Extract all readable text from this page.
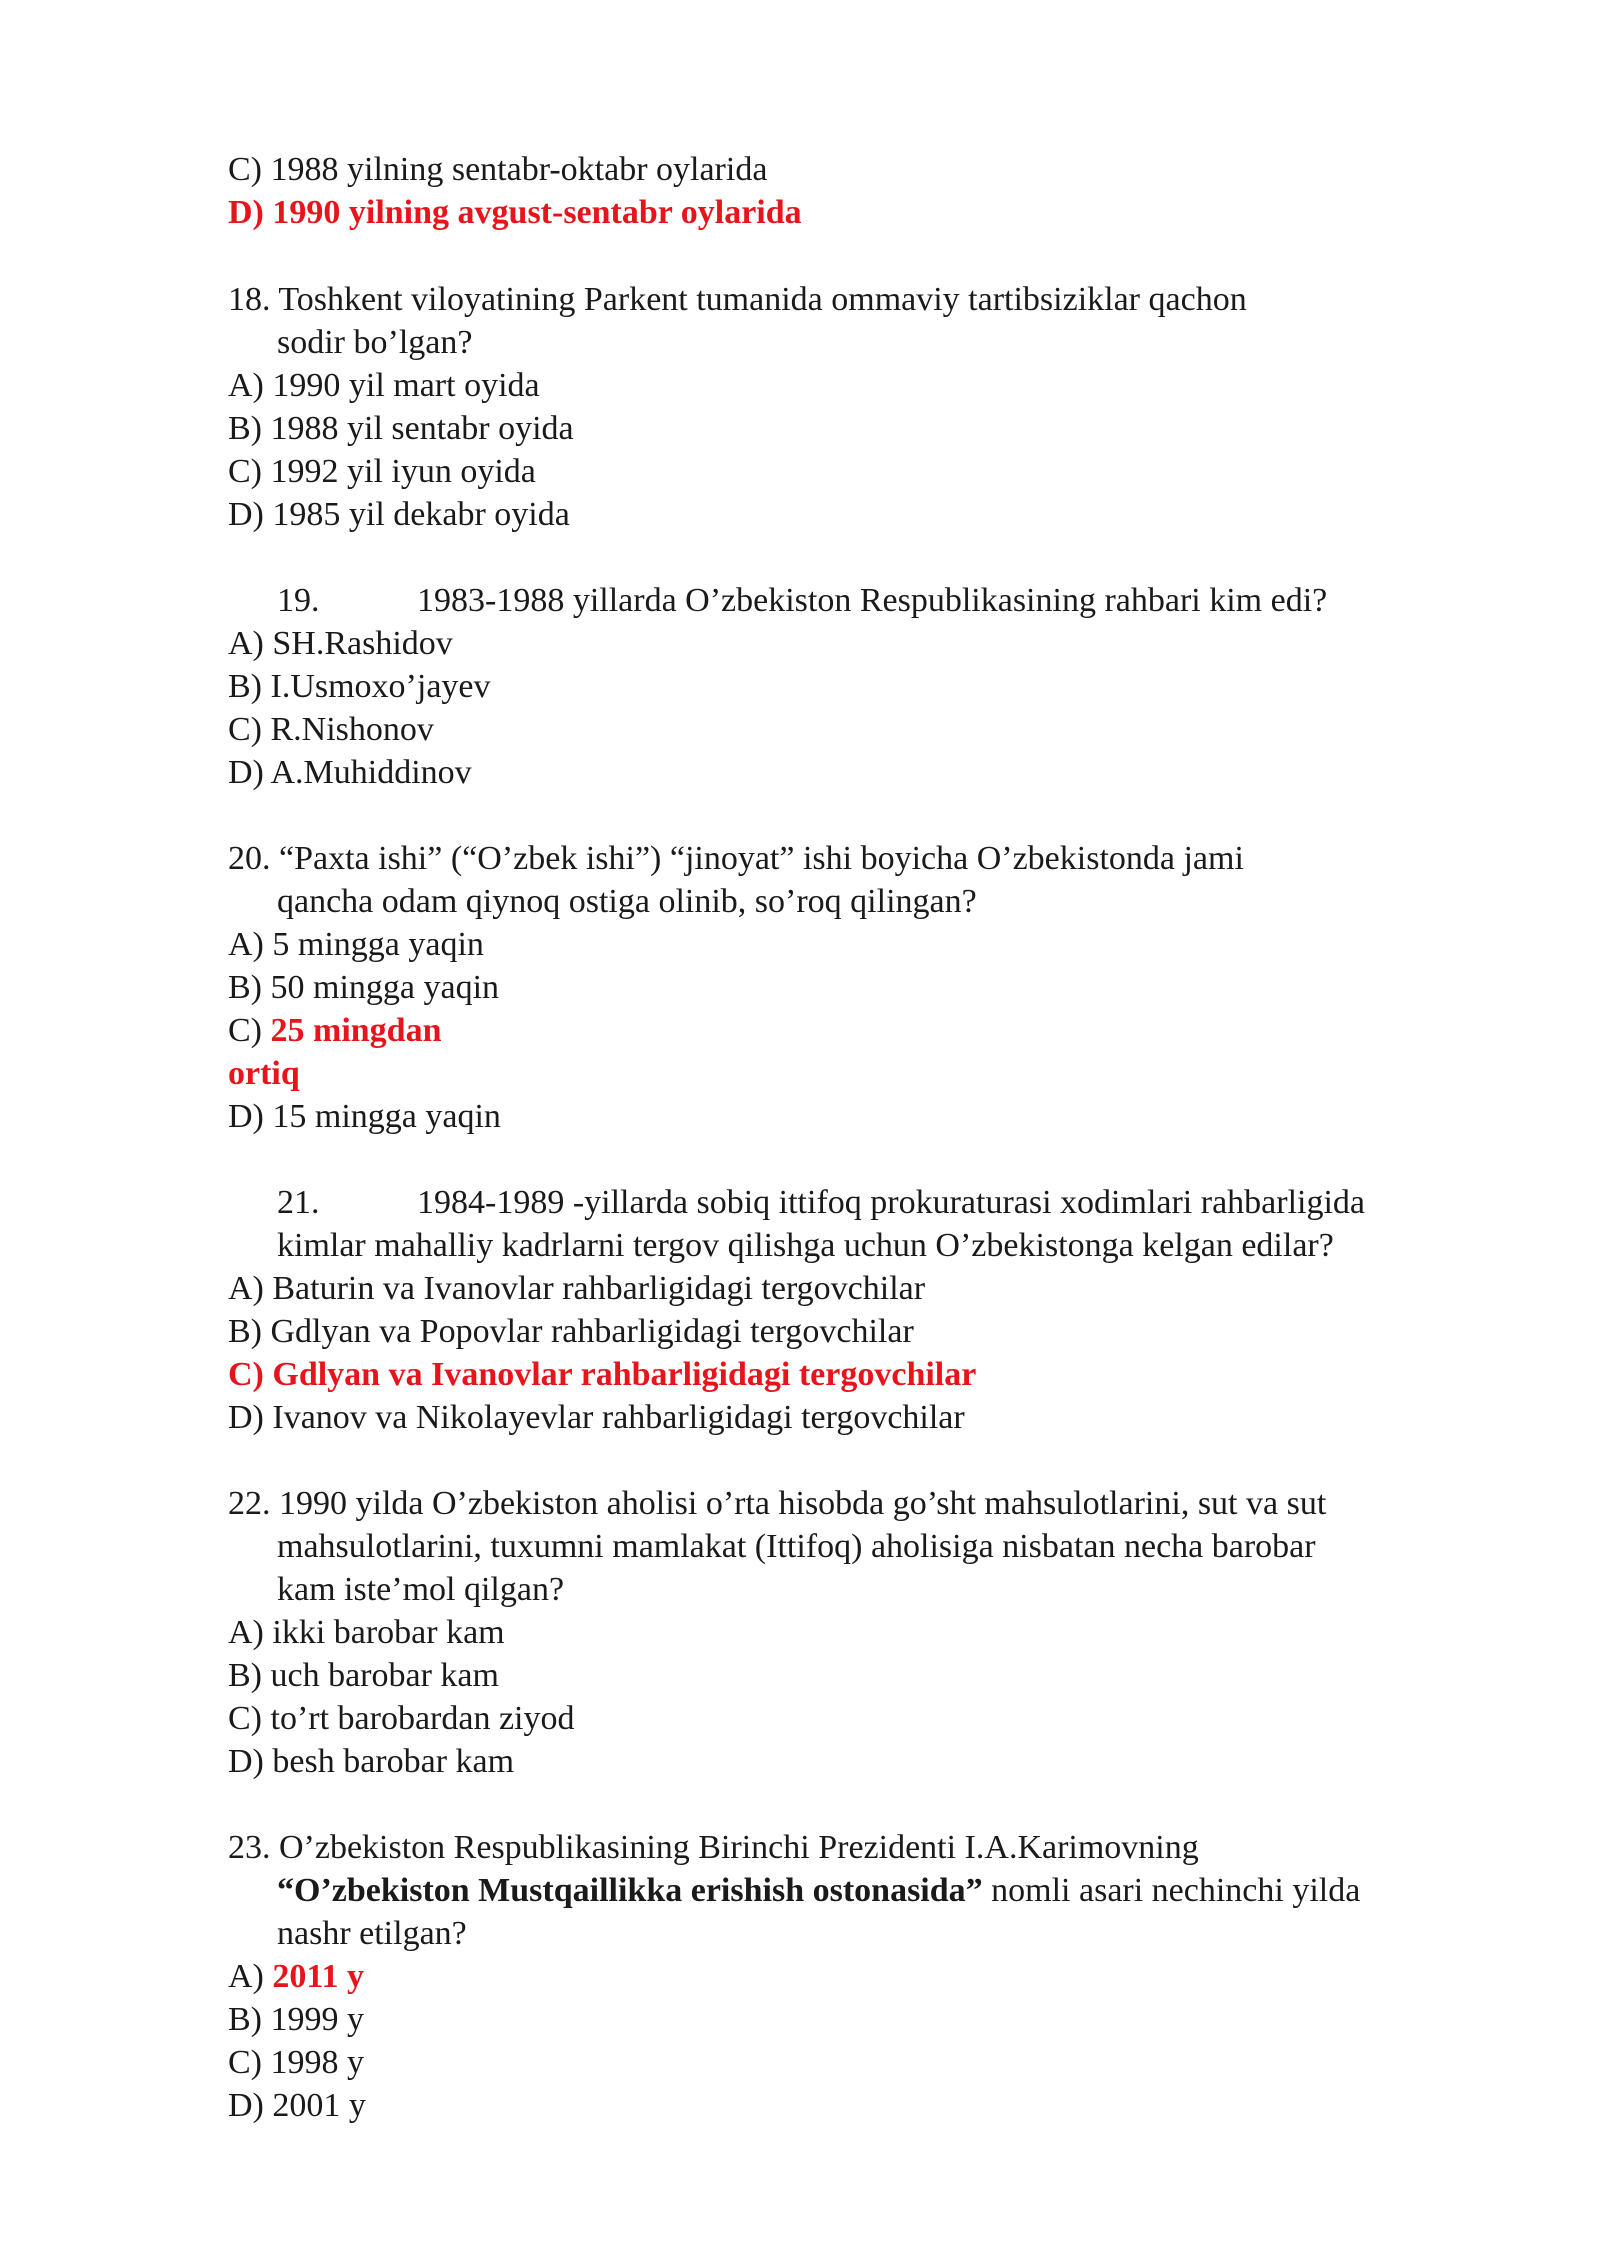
C) 1988 yilning sentabr-oktabr oylarida
D) 1990 yilning avgust-sentabr oylarida
18. Toshkent viloyatining Parkent tumanida ommaviy tartibsiziklar qachon
sodir bo’lgan?
A) 1990 yil mart oyida
B) 1988 yil sentabr oyida
C) 1992 yil iyun oyida
D) 1985 yil dekabr oyida
19.	1983-1988 yillarda O’zbekiston Respublikasining rahbari kim edi?
A) SH.Rashidov
B) I.Usmoxo’jayev
C) R.Nishonov
D) A.Muhiddinov
20. “Paxta ishi” (“O’zbek ishi”) “jinoyat” ishi boyicha O’zbekistonda jami
qancha odam qiynoq ostiga olinib, so’roq qilingan?
A) 5 mingga yaqin
B) 50 mingga yaqin
C) 25 mingdan
ortiq
D) 15 mingga yaqin
21.	1984-1989 -yillarda sobiq ittifoq prokuraturasi xodimlari rahbarligida
kimlar mahalliy kadrlarni tergov qilishga uchun O’zbekistonga kelgan edilar?
A) Baturin va Ivanovlar rahbarligidagi tergovchilar
B) Gdlyan va Popovlar rahbarligidagi tergovchilar
C) Gdlyan va Ivanovlar rahbarligidagi tergovchilar
D) Ivanov va Nikolayevlar rahbarligidagi tergovchilar
22. 1990 yilda O’zbekiston aholisi o’rta hisobda go’sht mahsulotlarini, sut va sut
mahsulotlarini, tuxumni mamlakat (Ittifoq) aholisiga nisbatan necha barobar
kam iste’mol qilgan?
A) ikki barobar kam
B) uch barobar kam
C) to’rt barobardan ziyod
D) besh barobar kam
23. O’zbekiston Respublikasining Birinchi Prezidenti I.A.Karimovning
“O’zbekiston Mustqaillikka erishish ostonasida” nomli asari nechinchi yilda
nashr etilgan?
A) 2011 y
B) 1999 y
C) 1998 y
D) 2001 y
